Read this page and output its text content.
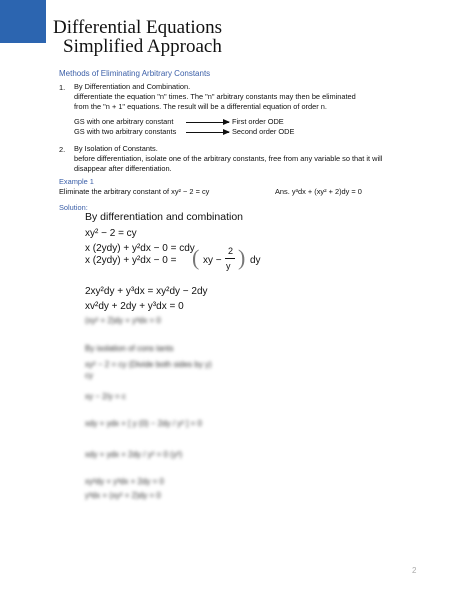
Differential Equations
Simplified Approach
Methods of Eliminating Arbitrary Constants
1. By Differentiation and Combination.
differentiate the equation "n" times. The "n" arbitrary constants may then be eliminated
from the "n + 1" equations. The result will be a differential equation of order n.
GS with one arbitrary constant	First order ODE
GS with two arbitrary constants	Second order ODE
2. By Isolation of Constants.
before differentiation, isolate one of the arbitrary constants, free from any variable so that it will
disappear after differentiation.
Example 1
Eliminate the arbitrary constant of xy² − 2 = cy	Ans. y³dx + (xy² + 2)dy = 0
Solution:
By differentiation and combination
xy² − 2 = cy
x (2ydy) + y²dx − 0 = cdy
x (2ydy) + y²dx − 0 = ( xy −
2
y ) dy
2xy²dy + y³dx = xy²dy − 2dy
xv²dy + 2dy + y³dx = 0
(xy² + 2)dy + y³dx = 0
By isolation of cons tants
xy² − 2 = cy (Divide both sides by y)
cy
xy − 2/y = c
xdy + ydx + [ y (0) − 2dy / y² ] = 0
xdy + ydx + 2dy / y² = 0 (y²)
xy²dy + y³dx + 2dy = 0
y³dx + (xy² + 2)dy = 0
2
